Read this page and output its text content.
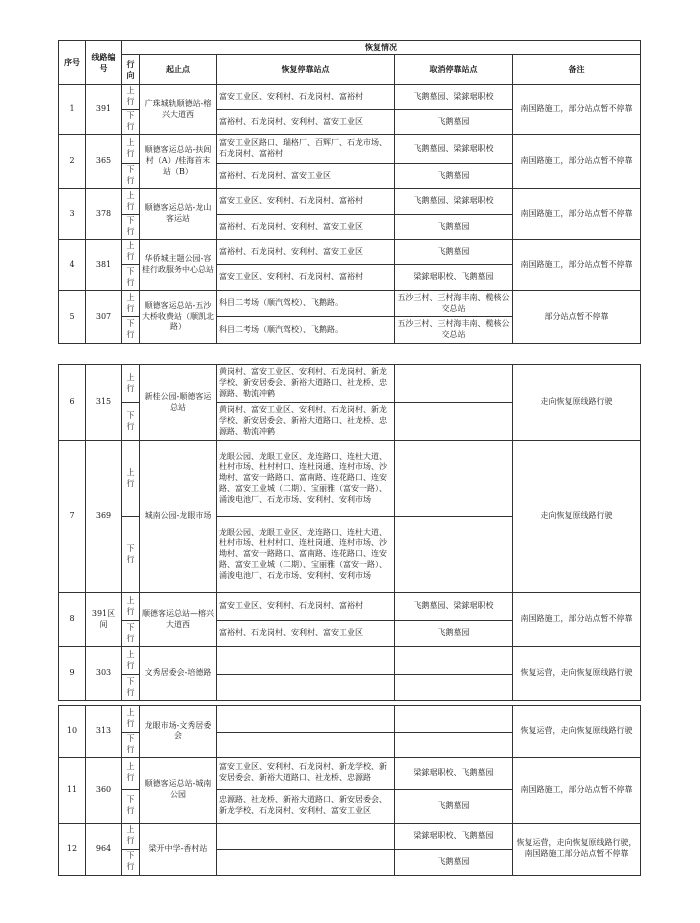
序号	线路编号	恢复情况				
		行向	起止点	恢复停靠站点	取消停靠站点	备注
1	391	上行	广珠城轨顺德站-榕兴大道西	富安工业区、安利村、石龙岗村、富裕村	飞鹅墓园、梁銶琚职校	南国路施工，部分站点暂不停靠
		下行		富裕村、石龙岗村、安利村、富安工业区	飞鹅墓园	
2	365	上行	顺德客运总站-扶闾村（A）/桂海首末站（B）	富安工业区路口、瑞格厂、百辉厂、石龙市场、石龙岗村、富裕村	飞鹅墓园、梁銶琚职校	南国路施工，部分站点暂不停靠
		下行		富裕村、石龙岗村、富安工业区	飞鹅墓园	
3	378	上行	顺德客运总站-龙山客运站	富安工业区、安利村、石龙岗村、富裕村	飞鹅墓园、梁銶琚职校	南国路施工，部分站点暂不停靠
		下行		富裕村、石龙岗村、安利村、富安工业区	飞鹅墓园	
4	381	上行	华侨城主题公园-容桂行政服务中心总站	富裕村、石龙岗村、安利村、富安工业区	飞鹅墓园	南国路施工，部分站点暂不停靠
		下行		富安工业区、安利村、石龙岗村、富裕村	梁銶琚职校、飞鹅墓园	
5	307	上行	顺德客运总站-五沙大桥收费站（顺凯北路）	科目二考场（顺汽驾校）、飞鹅路。	五沙三村、三村海丰南、榄核公交总站	部分站点暂不停靠
		下行		科目二考场（顺汽驾校）、飞鹅路。	五沙三村、三村海丰南、榄核公交总站	
6	315	上行	新桂公园-顺德客运总站	黄岗村、富安工业区、安利村、石龙岗村、新龙学校、新安居委会、新裕大道路口、社龙桥、忠源路、勒流冲鹤		走向恢复原线路行驶
		下行		黄岗村、富安工业区、安利村、石龙岗村、新龙学校、新安居委会、新裕大道路口、社龙桥、忠源路、勒流冲鹤		
7	369	上行	城南公园-龙眼市场	龙眼公园、龙眼工业区、龙连路口、连杜大道、杜村市场、杜村村口、连杜岗通、连村市场、沙坳村、富安一路路口、富南路、连花路口、连安路、富安工业城（二期）、宝丽雅（富安一路）、涌浚电池厂、石龙市场、安利村、安利市场		走向恢复原线路行驶
		下行		龙眼公园、龙眼工业区、龙连路口、连杜大道、杜村市场、杜村村口、连杜岗通、连村市场、沙坳村、富安一路路口、富南路、连花路口、连安路、富安工业城（二期）、宝丽雅（富安一路）、涌浚电池厂、石龙市场、安利村、安利市场		
8	391区间	上行	顺德客运总站—榕兴大道西	富安工业区、安利村、石龙岗村、富裕村	飞鹅墓园、梁銶琚职校	南国路施工，部分站点暂不停靠
		下行		富裕村、石龙岗村、安利村、富安工业区	飞鹅墓园	
9	303	上行	文秀居委会-培德路			恢复运营，走向恢复原线路行驶
		下行				
10	313	上行	龙眼市场-文秀居委会			恢复运营，走向恢复原线路行驶
		下行				
11	360	上行	顺德客运总站-城南公园	富安工业区、安利村、石龙岗村、新龙学校、新安居委会、新裕大道路口、社龙桥、忠源路	梁銶琚职校、飞鹅墓园	南国路施工，部分站点暂不停靠
		下行		忠源路、社龙桥、新裕大道路口、新安居委会、新龙学校、石龙岗村、安利村、富安工业区	飞鹅墓园	
12	964	上行	梁开中学-香村站		梁銶琚职校、飞鹅墓园	恢复运营，走向恢复原线路行驶，南国路施工部分站点暂不停靠
		下行			飞鹅墓园	
